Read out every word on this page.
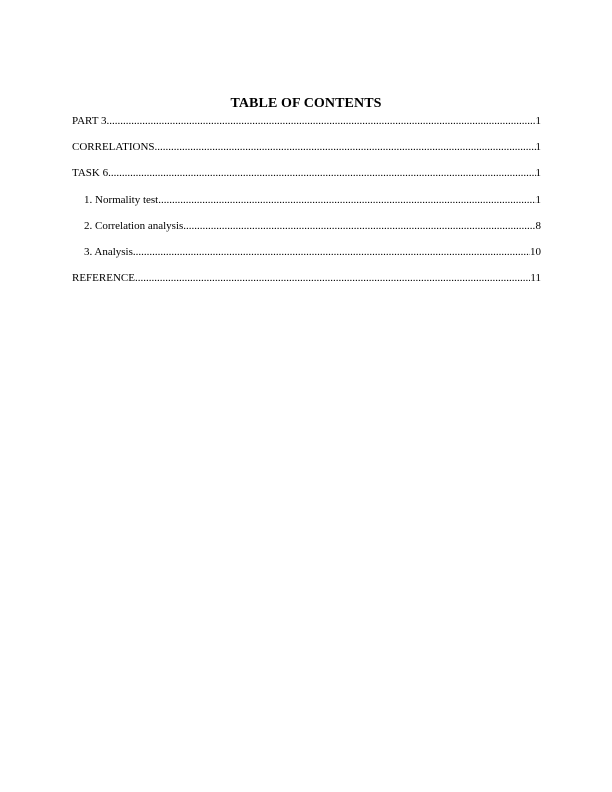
TABLE OF CONTENTS
PART 3 .....	1
CORRELATIONS .....	1
TASK 6 .....	1
1. Normality test .....	1
2. Correlation analysis .....	8
3. Analysis .....	10
REFERENCE .....	11
